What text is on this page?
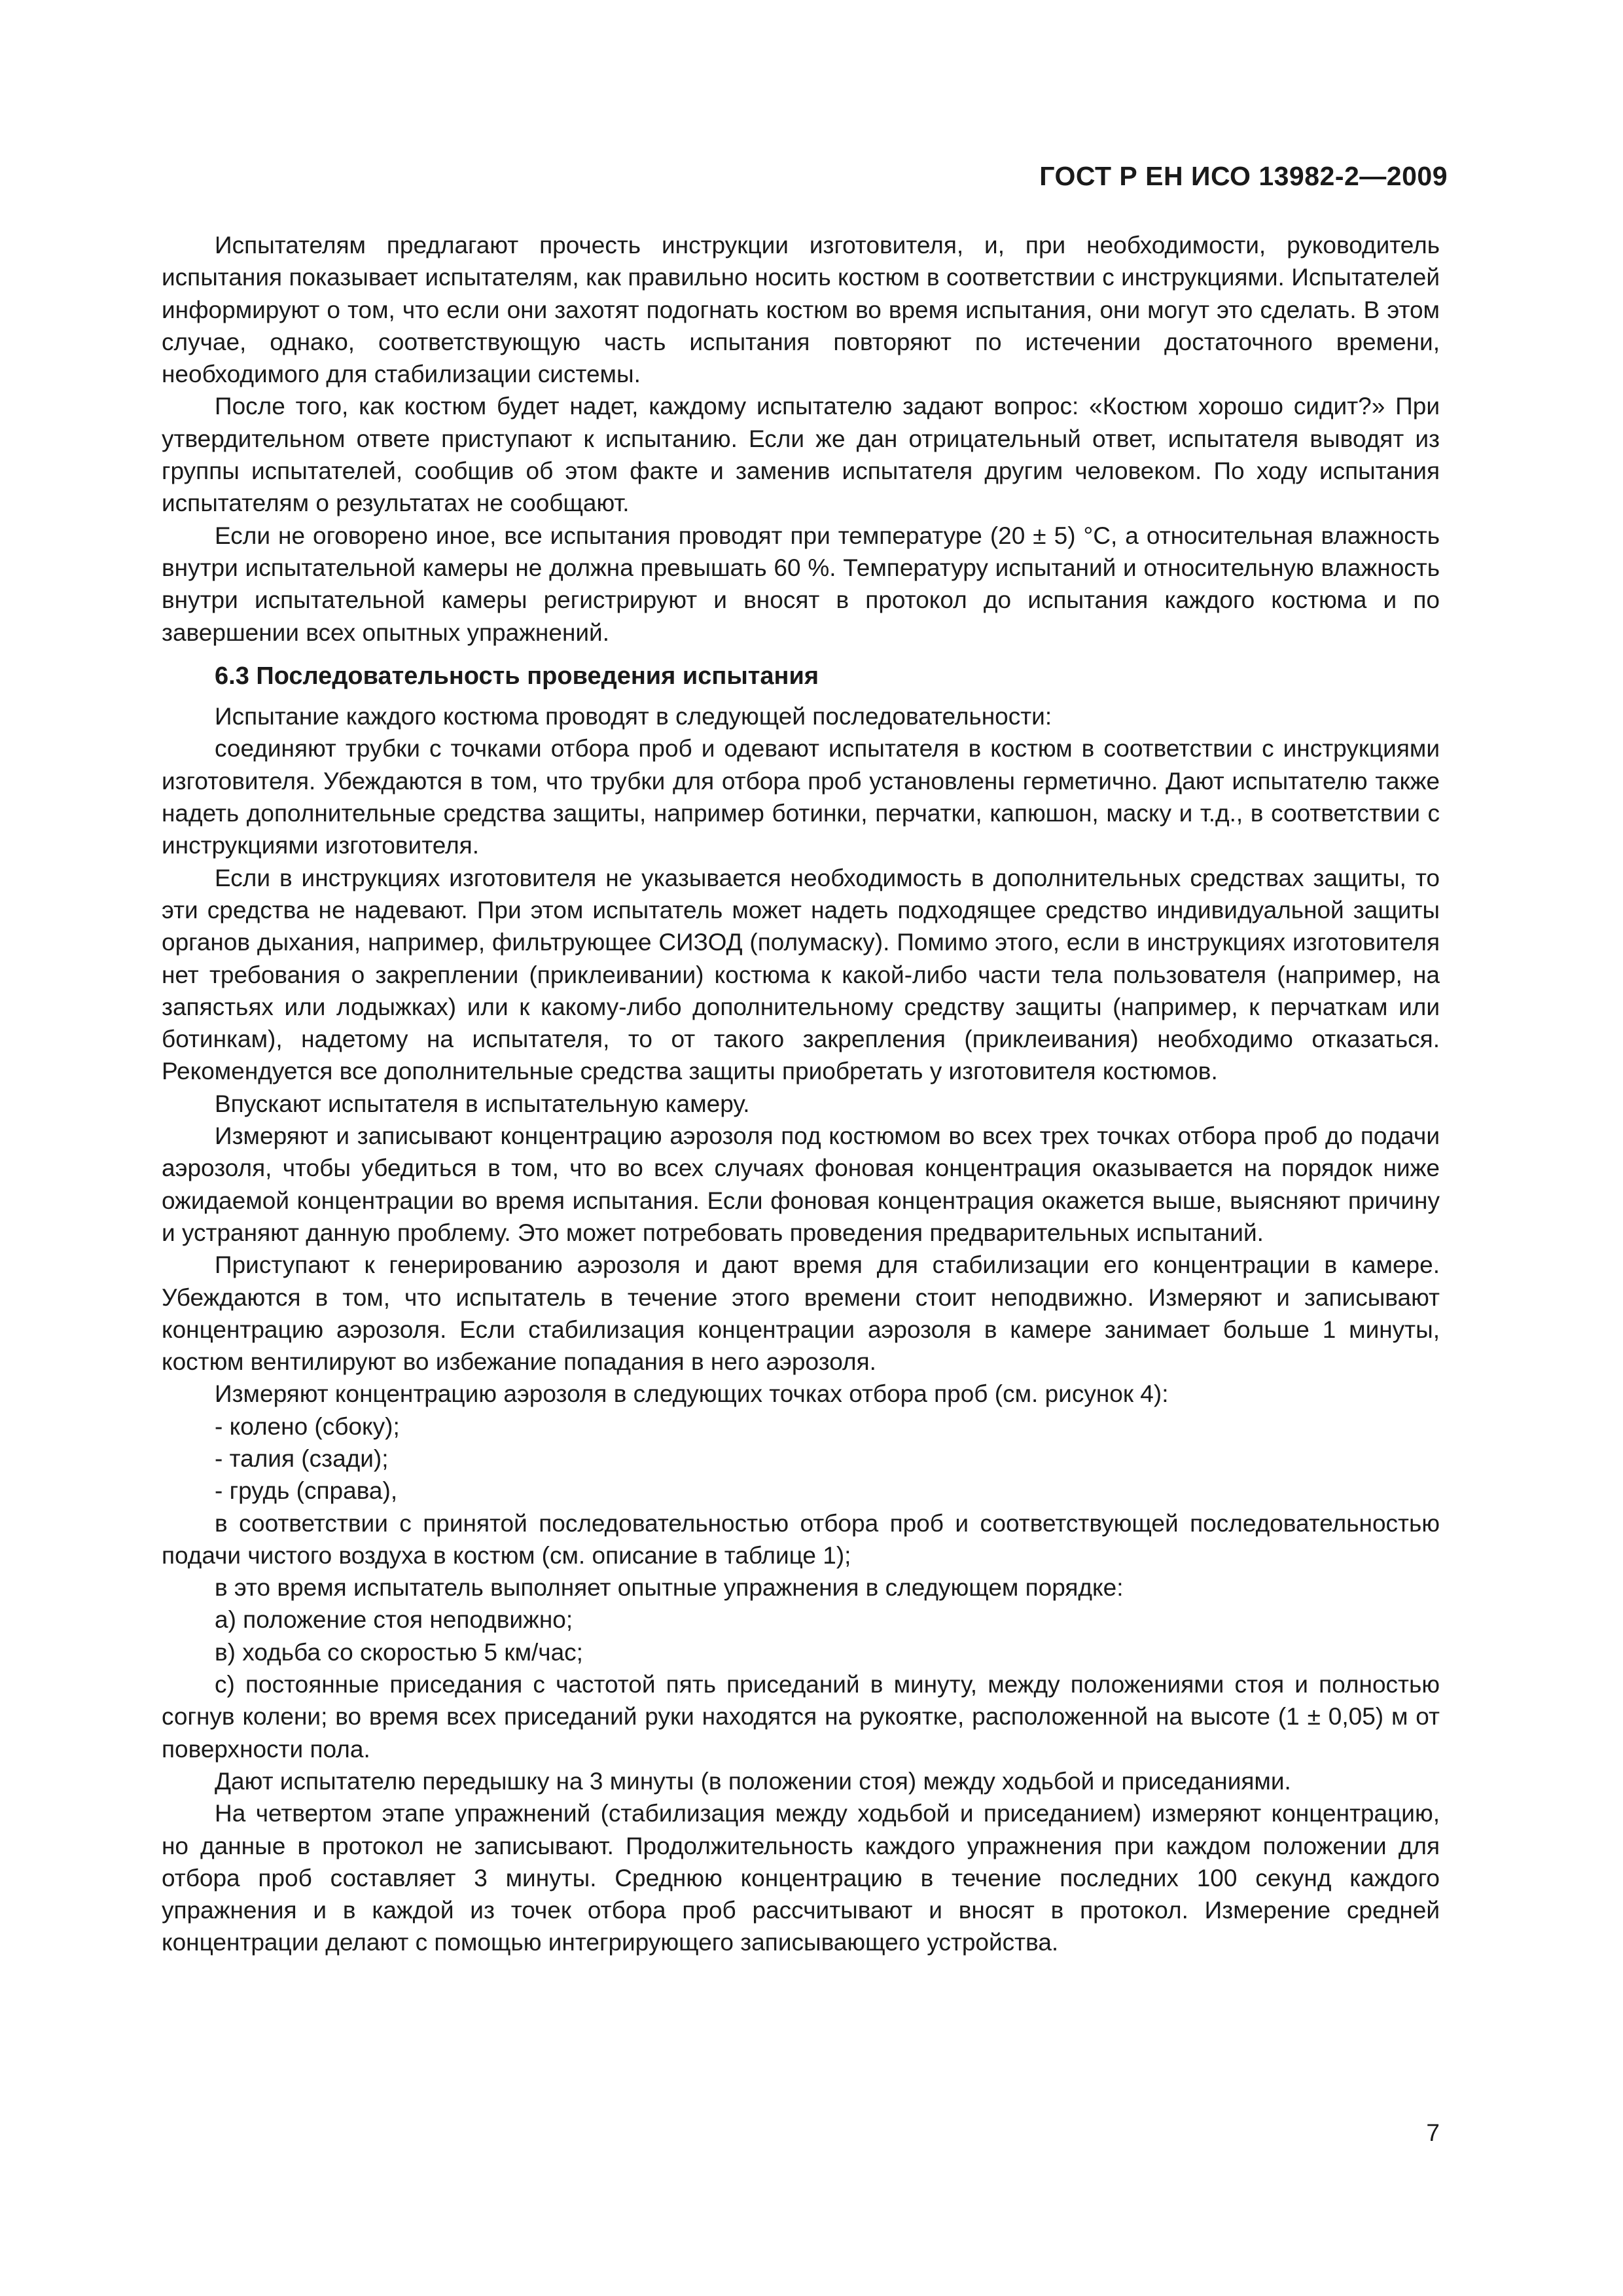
ГОСТ Р ЕН ИСО 13982-2—2009

Испытателям предлагают прочесть инструкции изготовителя, и, при необходимости, руководитель испытания показывает испытателям, как правильно носить костюм в соответствии с инструкциями. Испытателей информируют о том, что если они захотят подогнать костюм во время испытания, они могут это сделать. В этом случае, однако, соответствующую часть испытания повторяют по истечении достаточного времени, необходимого для стабилизации системы.

После того, как костюм будет надет, каждому испытателю задают вопрос: «Костюм хорошо сидит?» При утвердительном ответе приступают к испытанию. Если же дан отрицательный ответ, испытателя выводят из группы испытателей, сообщив об этом факте и заменив испытателя другим человеком. По ходу испытания испытателям о результатах не сообщают.

Если не оговорено иное, все испытания проводят при температуре (20 ± 5) °С, а относительная влажность внутри испытательной камеры не должна превышать 60 %. Температуру испытаний и относительную влажность внутри испытательной камеры регистрируют и вносят в протокол до испытания каждого костюма и по завершении всех опытных упражнений.

6.3 Последовательность проведения испытания

Испытание каждого костюма проводят в следующей последовательности:

соединяют трубки с точками отбора проб и одевают испытателя в костюм в соответствии с инструкциями изготовителя. Убеждаются в том, что трубки для отбора проб установлены герметично. Дают испытателю также надеть дополнительные средства защиты, например ботинки, перчатки, капюшон, маску и т.д., в соответствии с инструкциями изготовителя.

Если в инструкциях изготовителя не указывается необходимость в дополнительных средствах защиты, то эти средства не надевают. При этом испытатель может надеть подходящее средство индивидуальной защиты органов дыхания, например, фильтрующее СИЗОД (полумаску). Помимо этого, если в инструкциях изготовителя нет требования о закреплении (приклеивании) костюма к какой-либо части тела пользователя (например, на запястьях или лодыжках) или к какому-либо дополнительному средству защиты (например, к перчаткам или ботинкам), надетому на испытателя, то от такого закрепления (приклеивания) необходимо отказаться. Рекомендуется все дополнительные средства защиты приобретать у изготовителя костюмов.

Впускают испытателя в испытательную камеру.

Измеряют и записывают концентрацию аэрозоля под костюмом во всех трех точках отбора проб до подачи аэрозоля, чтобы убедиться в том, что во всех случаях фоновая концентрация оказывается на порядок ниже ожидаемой концентрации во время испытания. Если фоновая концентрация окажется выше, выясняют причину и устраняют данную проблему. Это может потребовать проведения предварительных испытаний.

Приступают к генерированию аэрозоля и дают время для стабилизации его концентрации в камере. Убеждаются в том, что испытатель в течение этого времени стоит неподвижно. Измеряют и записывают концентрацию аэрозоля. Если стабилизация концентрации аэрозоля в камере занимает больше 1 минуты, костюм вентилируют во избежание попадания в него аэрозоля.

Измеряют концентрацию аэрозоля в следующих точках отбора проб (см. рисунок 4):

- колено (сбоку);

- талия (сзади);

- грудь (справа),

в соответствии с принятой последовательностью отбора проб и соответствующей последовательностью подачи чистого воздуха в костюм (см. описание в таблице 1);

в это время испытатель выполняет опытные упражнения в следующем порядке:

а) положение стоя неподвижно;

в) ходьба со скоростью 5 км/час;

с) постоянные приседания с частотой пять приседаний в минуту, между положениями стоя и полностью согнув колени; во время всех приседаний руки находятся на рукоятке, расположенной на высоте (1 ± 0,05) м от поверхности пола.

Дают испытателю передышку на 3 минуты (в положении стоя) между ходьбой и приседаниями.

На четвертом этапе упражнений (стабилизация между ходьбой и приседанием) измеряют концентрацию, но данные в протокол не записывают. Продолжительность каждого упражнения при каждом положении для отбора проб составляет 3 минуты. Среднюю концентрацию в течение последних 100 секунд каждого упражнения и в каждой из точек отбора проб рассчитывают и вносят в протокол. Измерение средней концентрации делают с помощью интегрирующего записывающего устройства.

7
